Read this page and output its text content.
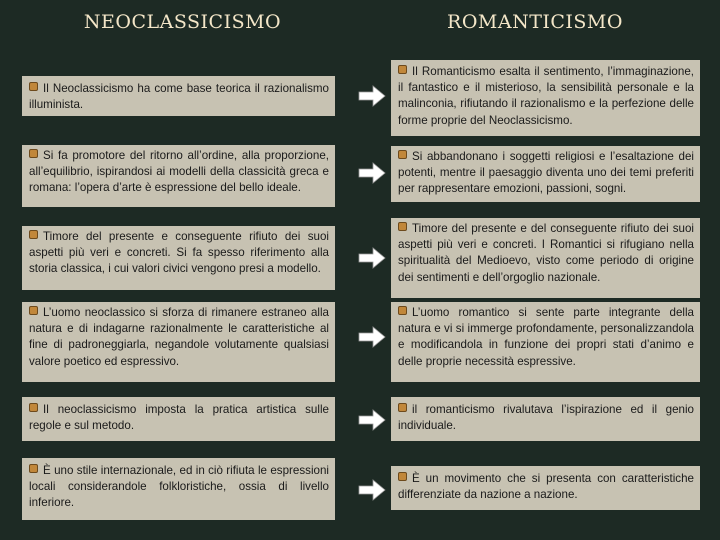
NEOCLASSICISMO	ROMANTICISMO
Il Neoclassicismo ha come base teorica il razionalismo illuminista.
Il Romanticismo esalta il sentimento, l’immaginazione, il fantastico e il misterioso, la sensibilità personale e la malinconia, rifiutando il razionalismo e la perfezione delle forme proprie del Neoclassicismo.
Si fa promotore del ritorno all’ordine, alla proporzione, all’equilibrio, ispirandosi ai modelli della classicità greca e romana: l’opera d’arte è espressione del bello ideale.
Si abbandonano i soggetti religiosi e l’esaltazione dei potenti, mentre il paesaggio diventa uno dei temi preferiti per rappresentare emozioni, passioni, sogni.
Timore del presente e conseguente rifiuto dei suoi aspetti più veri e concreti. Si fa spesso riferimento alla storia classica, i cui valori civici vengono presi a modello.
Timore del presente e del conseguente rifiuto dei suoi aspetti più veri e concreti. I Romantici si rifugiano nella spiritualità del Medioevo, visto come periodo di origine dei sentimenti e dell’orgoglio nazionale.
L’uomo neoclassico si sforza di rimanere estraneo alla natura e di indagarne razionalmente le caratteristiche al fine di padroneggiarla, negandole volutamente qualsiasi valore poetico ed espressivo.
L’uomo romantico si sente parte integrante della natura e vi si immerge profondamente, personalizzandola e modificandola in funzione dei propri stati d’animo e delle proprie necessità espressive.
Il neoclassicismo imposta la pratica artistica sulle regole e sul metodo.
il romanticismo rivalutava l’ispirazione ed il genio individuale.
È uno stile internazionale, ed in ciò rifiuta le espressioni locali considerandole folkloristiche, ossia di livello inferiore.
È un movimento che si presenta con caratteristiche differenziate da nazione a nazione.
